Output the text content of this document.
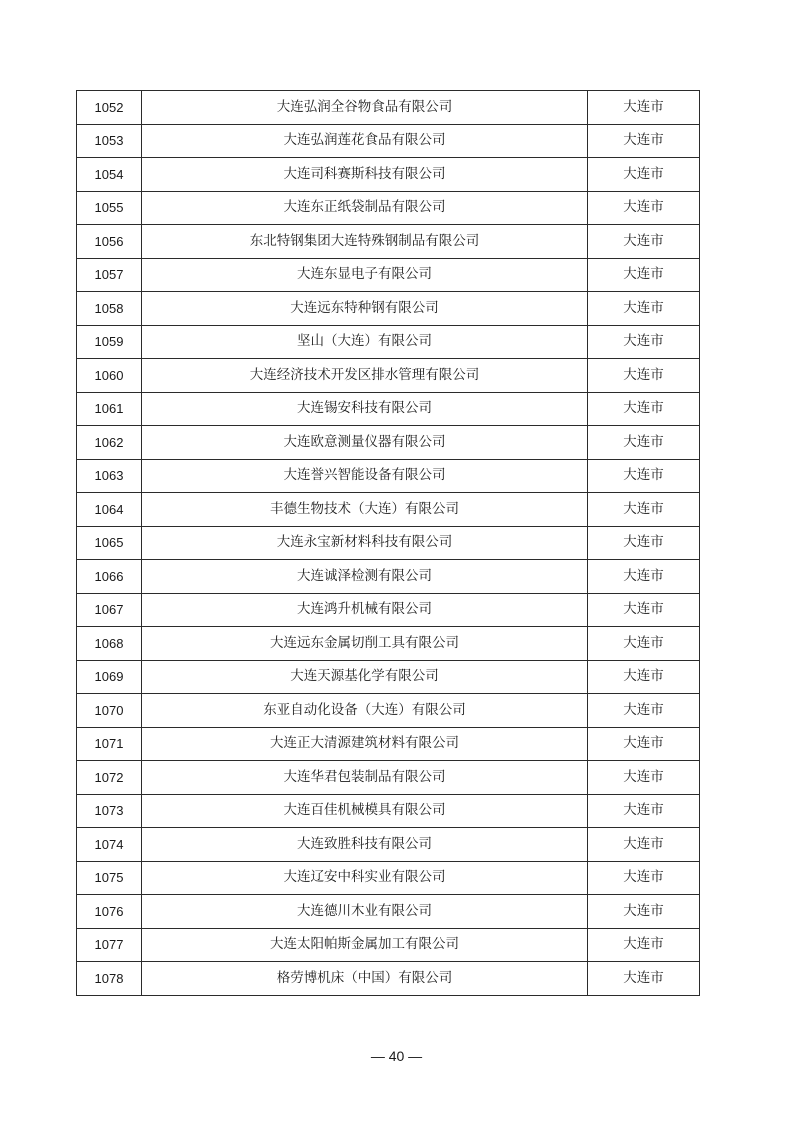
1052	大连弘润全谷物食品有限公司	大连市
1053	大连弘润莲花食品有限公司	大连市
1054	大连司科赛斯科技有限公司	大连市
1055	大连东正纸袋制品有限公司	大连市
1056	东北特钢集团大连特殊钢制品有限公司	大连市
1057	大连东显电子有限公司	大连市
1058	大连远东特种钢有限公司	大连市
1059	坚山（大连）有限公司	大连市
1060	大连经济技术开发区排水管理有限公司	大连市
1061	大连锡安科技有限公司	大连市
1062	大连欧意测量仪器有限公司	大连市
1063	大连誉兴智能设备有限公司	大连市
1064	丰德生物技术（大连）有限公司	大连市
1065	大连永宝新材料科技有限公司	大连市
1066	大连诚泽检测有限公司	大连市
1067	大连鸿升机械有限公司	大连市
1068	大连远东金属切削工具有限公司	大连市
1069	大连天源基化学有限公司	大连市
1070	东亚自动化设备（大连）有限公司	大连市
1071	大连正大清源建筑材料有限公司	大连市
1072	大连华君包装制品有限公司	大连市
1073	大连百佳机械模具有限公司	大连市
1074	大连致胜科技有限公司	大连市
1075	大连辽安中科实业有限公司	大连市
1076	大连德川木业有限公司	大连市
1077	大连太阳帕斯金属加工有限公司	大连市
1078	格劳博机床（中国）有限公司	大连市
— 40 —
